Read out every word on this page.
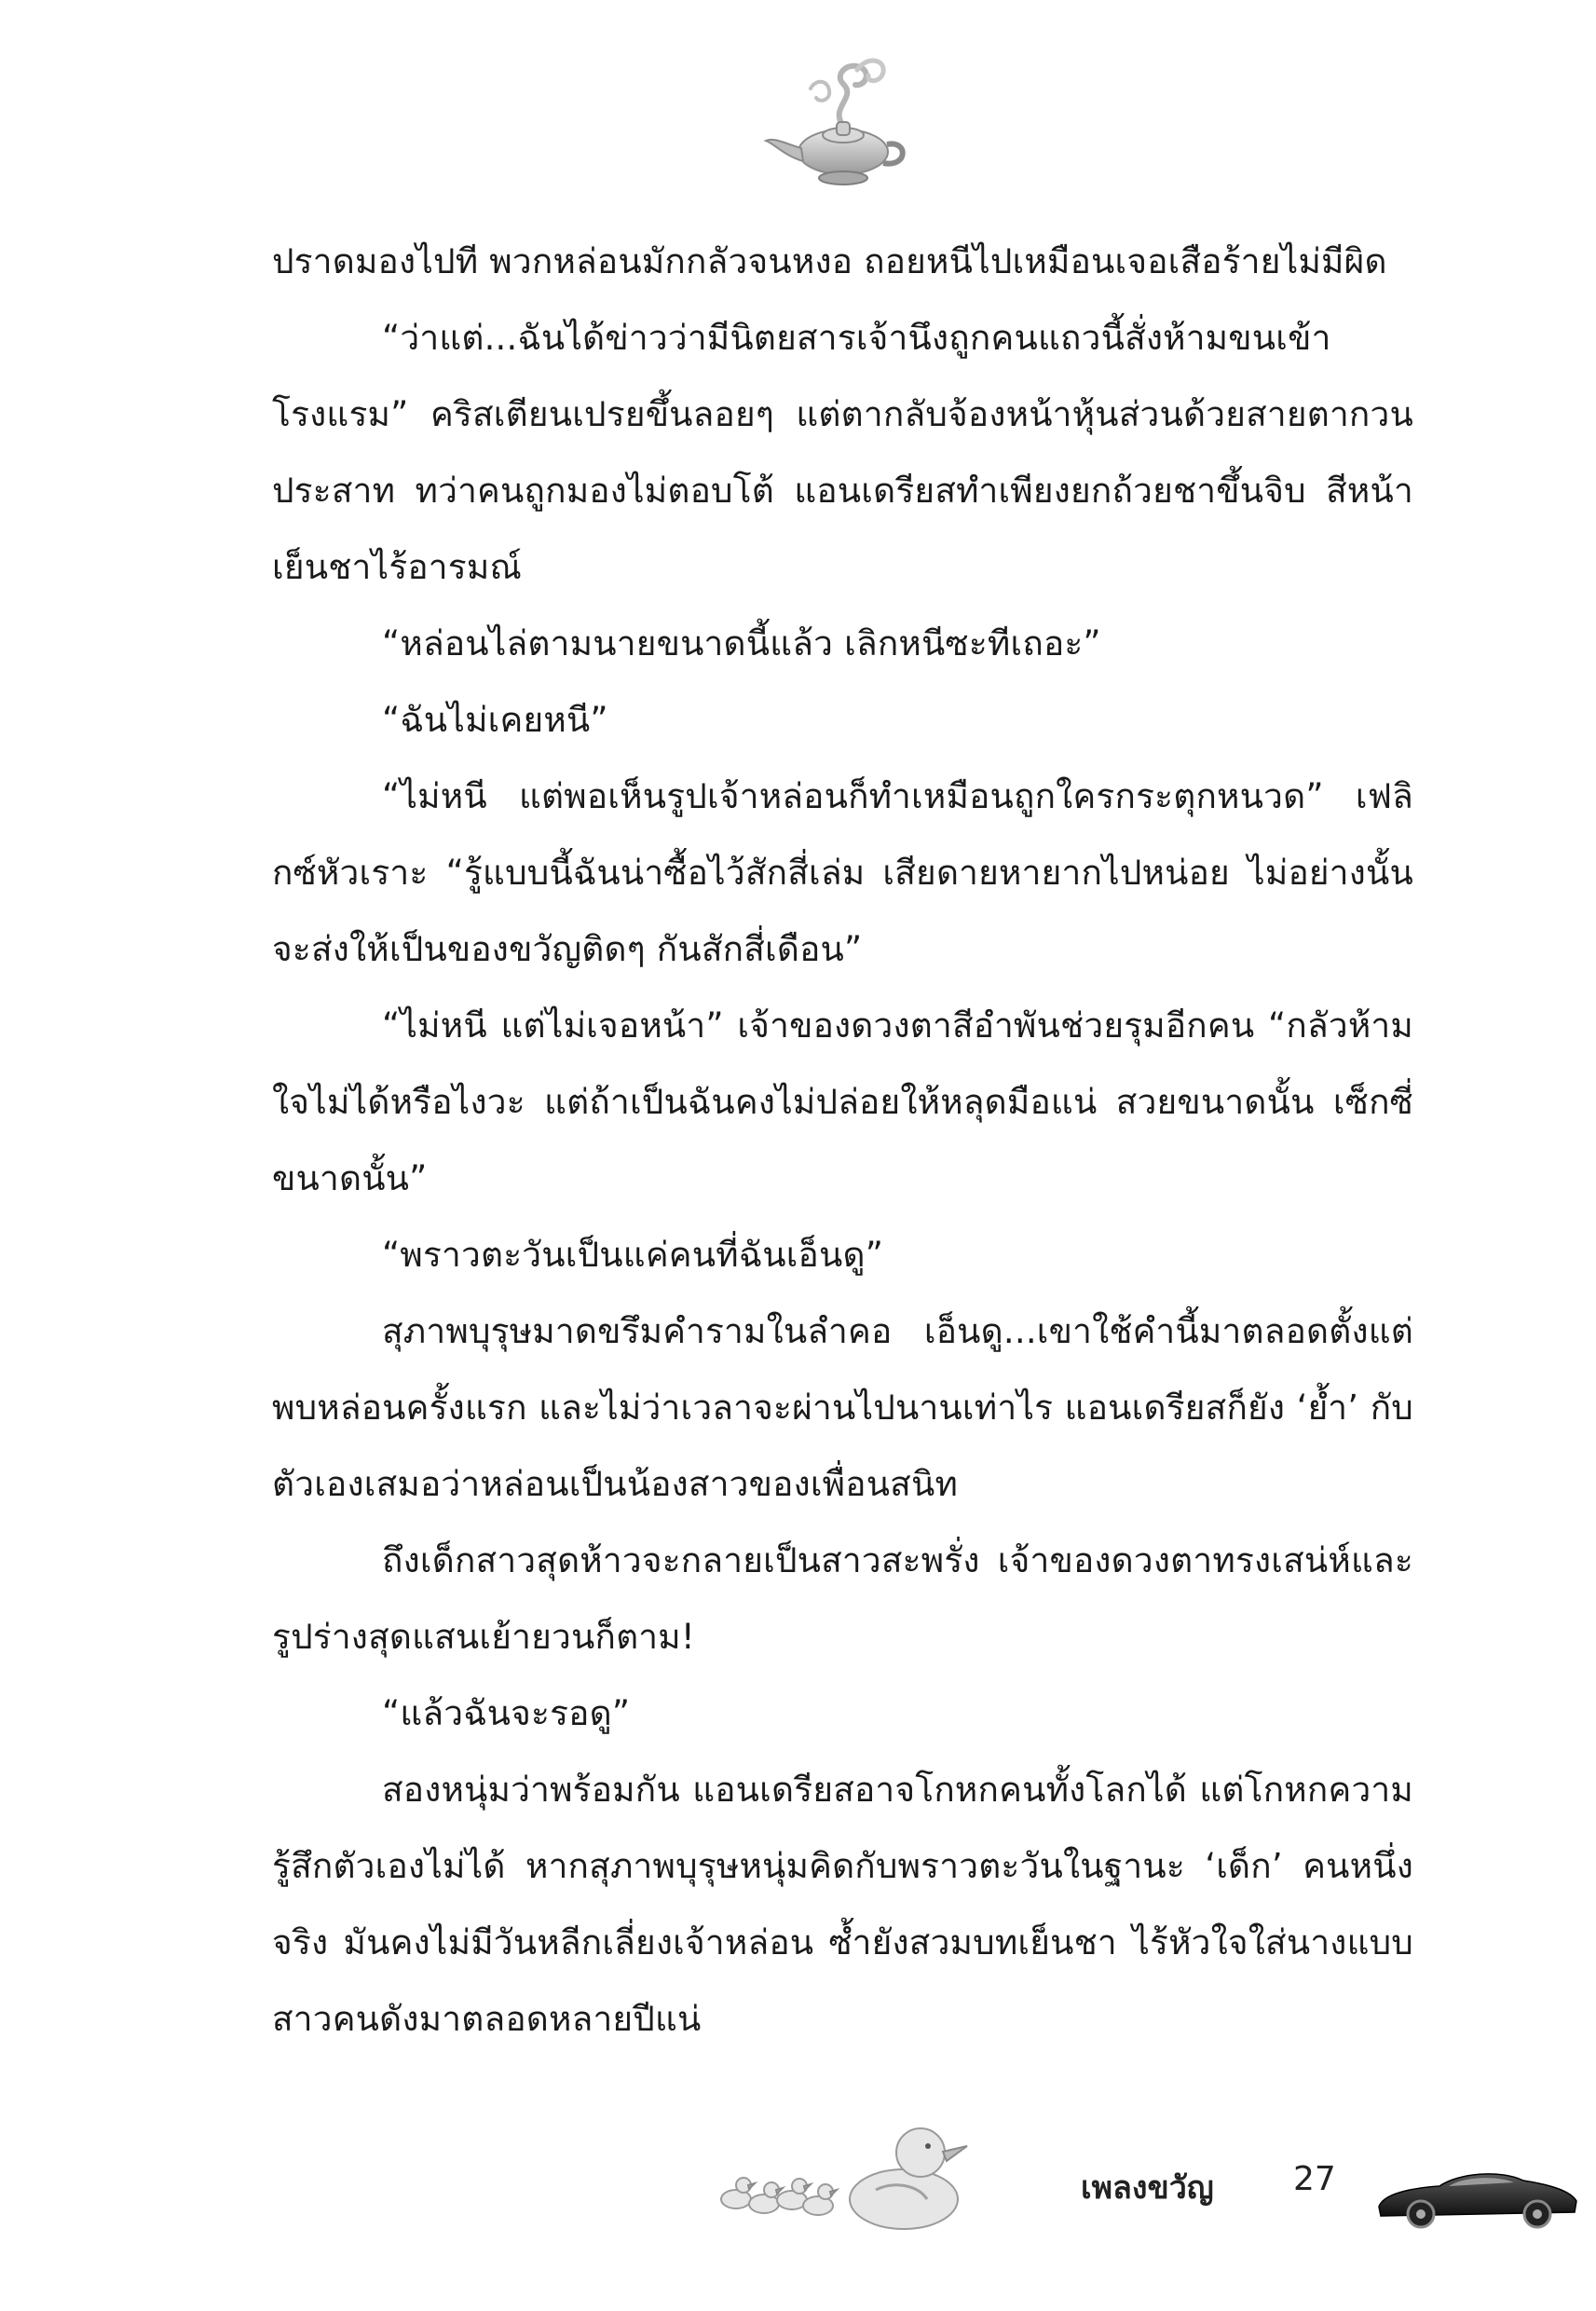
ปราดมองไปที พวกหล่อนมักกลัวจนหงอ ถอยหนีไปเหมือนเจอเสือร้ายไม่มีผิด

“ว่าแต่...ฉันได้ข่าวว่ามีนิตยสารเจ้านึงถูกคนแถวนี้สั่งห้ามขนเข้าโรงแรม” คริสเตียนเปรยขึ้นลอยๆ แต่ตากลับจ้องหน้าหุ้นส่วนด้วยสายตากวนประสาท ทว่าคนถูกมองไม่ตอบโต้ แอนเดรียสทำเพียงยกถ้วยชาขึ้นจิบ สีหน้าเย็นชาไร้อารมณ์

“หล่อนไล่ตามนายขนาดนี้แล้ว เลิกหนีซะทีเถอะ”

“ฉันไม่เคยหนี”

“ไม่หนี แต่พอเห็นรูปเจ้าหล่อนก็ทำเหมือนถูกใครกระตุกหนวด” เฟลิกซ์หัวเราะ “รู้แบบนี้ฉันน่าซื้อไว้สักสี่เล่ม เสียดายหายากไปหน่อย ไม่อย่างนั้นจะส่งให้เป็นของขวัญติดๆ กันสักสี่เดือน”

“ไม่หนี แต่ไม่เจอหน้า” เจ้าของดวงตาสีอำพันช่วยรุมอีกคน “กลัวห้ามใจไม่ได้หรือไงวะ แต่ถ้าเป็นฉันคงไม่ปล่อยให้หลุดมือแน่ สวยขนาดนั้น เซ็กซี่ขนาดนั้น”

“พราวตะวันเป็นแค่คนที่ฉันเอ็นดู”

สุภาพบุรุษมาดขรึมคำรามในลำคอ เอ็นดู...เขาใช้คำนี้มาตลอดตั้งแต่พบหล่อนครั้งแรก และไม่ว่าเวลาจะผ่านไปนานเท่าไร แอนเดรียสก็ยัง ‘ย้ำ’ กับตัวเองเสมอว่าหล่อนเป็นน้องสาวของเพื่อนสนิท

ถึงเด็กสาวสุดห้าวจะกลายเป็นสาวสะพรั่ง เจ้าของดวงตาทรงเสน่ห์และรูปร่างสุดแสนเย้ายวนก็ตาม!

“แล้วฉันจะรอดู”

สองหนุ่มว่าพร้อมกัน แอนเดรียสอาจโกหกคนทั้งโลกได้ แต่โกหกความรู้สึกตัวเองไม่ได้ หากสุภาพบุรุษหนุ่มคิดกับพราวตะวันในฐานะ ‘เด็ก’ คนหนึ่งจริง มันคงไม่มีวันหลีกเลี่ยงเจ้าหล่อน ซ้ำยังสวมบทเย็นชา ไร้หัวใจใส่นางแบบสาวคนดังมาตลอดหลายปีแน่

เพลงขวัญ 27
